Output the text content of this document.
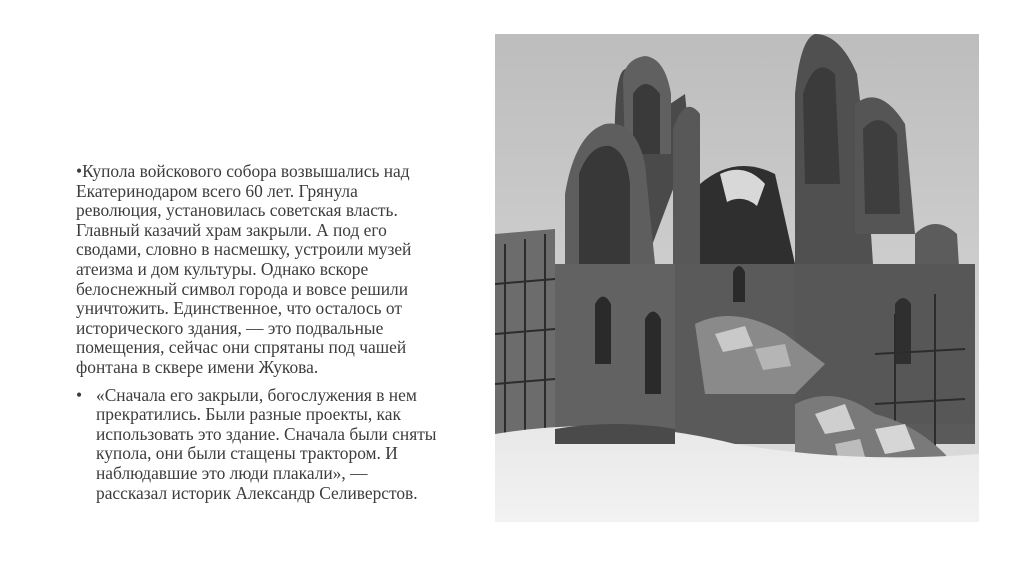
•Купола войскового собора возвышались над
Екатеринодаром всего 60 лет. Грянула
революция, установилась советская власть.
Главный казачий храм закрыли. А под его
сводами, словно в насмешку, устроили музей
атеизма и дом культуры. Однако вскоре
белоснежный символ города и вовсе решили
уничтожить. Единственное, что осталось от
исторического здания, — это подвальные
помещения, сейчас они спрятаны под чашей
фонтана в сквере имени Жукова.

• «Сначала его закрыли, богослужения в нем
прекратились. Были разные проекты, как
использовать это здание. Сначала были сняты
купола, они были стащены трактором. И
наблюдавшие это люди плакали», —
рассказал историк Александр Селиверстов.
